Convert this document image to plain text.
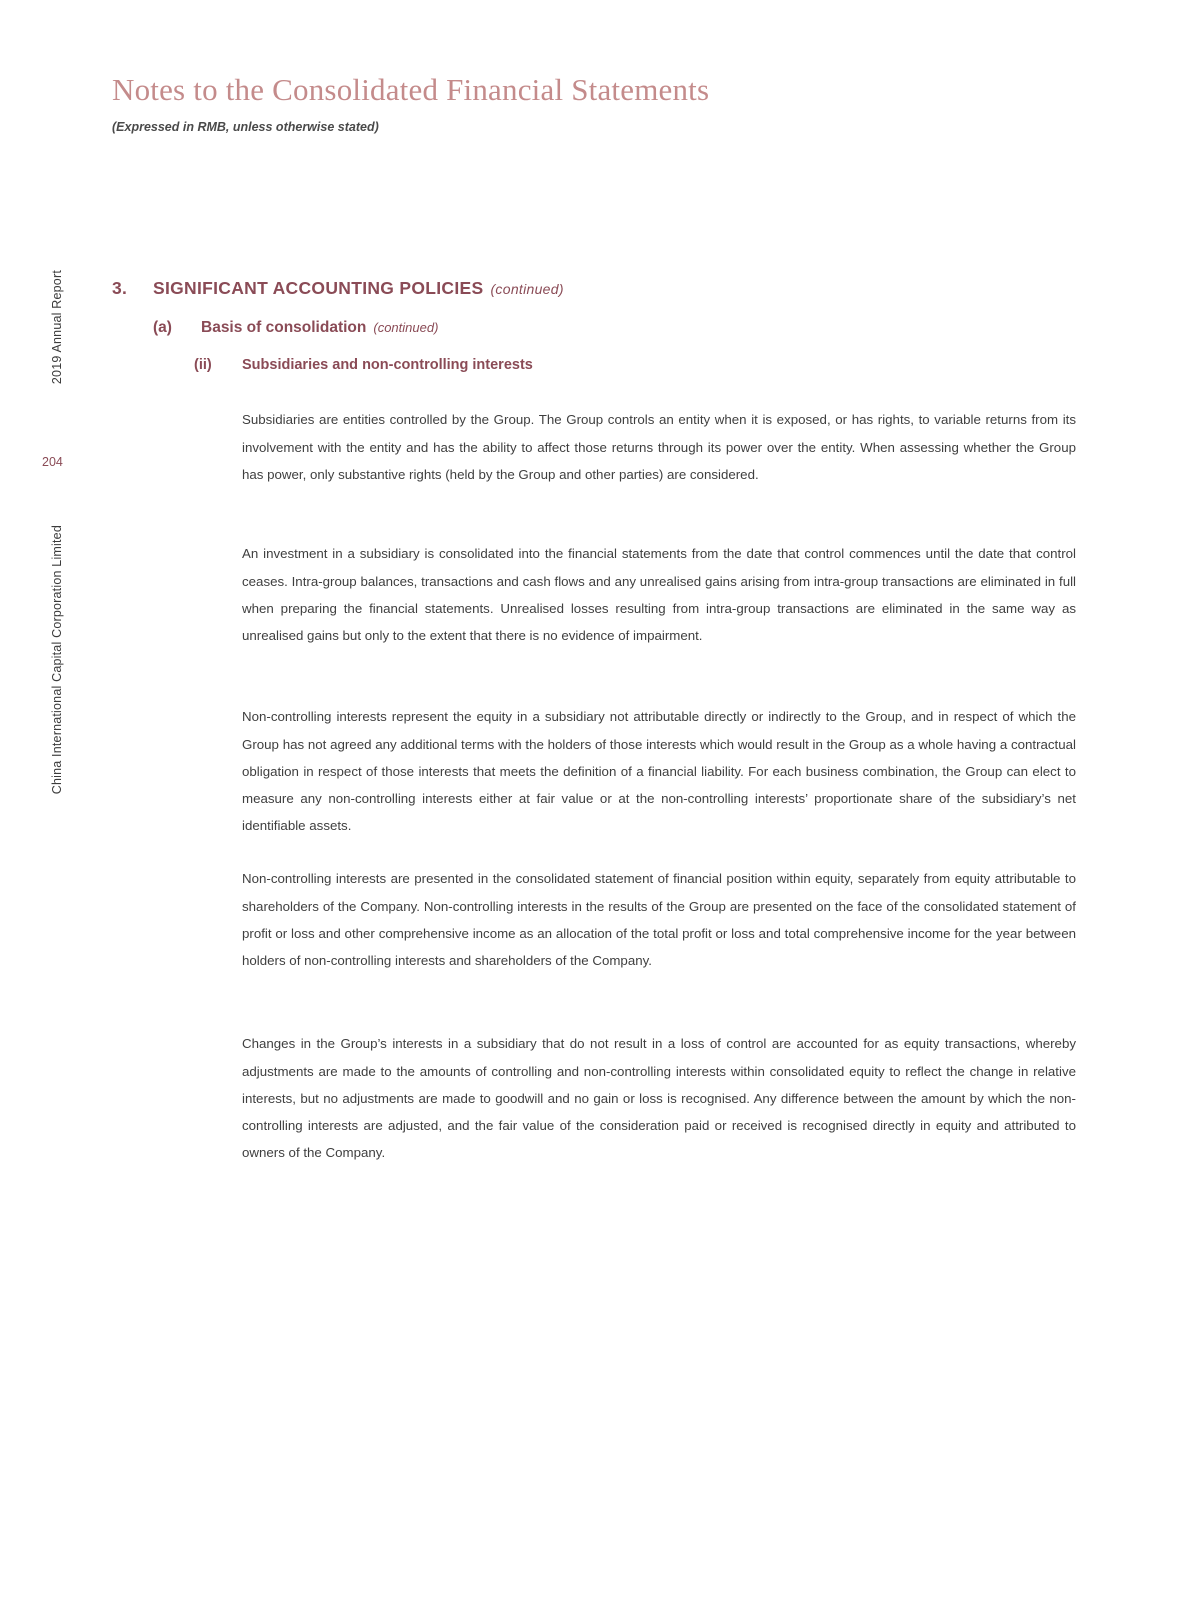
Notes to the Consolidated Financial Statements
(Expressed in RMB, unless otherwise stated)
2019 Annual Report
204
China International Capital Corporation Limited
3.	SIGNIFICANT ACCOUNTING POLICIES (continued)
(a)	Basis of consolidation (continued)
(ii)	Subsidiaries and non-controlling interests

Subsidiaries are entities controlled by the Group. The Group controls an entity when it is exposed, or has rights, to variable returns from its involvement with the entity and has the ability to affect those returns through its power over the entity. When assessing whether the Group has power, only substantive rights (held by the Group and other parties) are considered.

An investment in a subsidiary is consolidated into the financial statements from the date that control commences until the date that control ceases. Intra-group balances, transactions and cash flows and any unrealised gains arising from intra-group transactions are eliminated in full when preparing the financial statements. Unrealised losses resulting from intra-group transactions are eliminated in the same way as unrealised gains but only to the extent that there is no evidence of impairment.

Non-controlling interests represent the equity in a subsidiary not attributable directly or indirectly to the Group, and in respect of which the Group has not agreed any additional terms with the holders of those interests which would result in the Group as a whole having a contractual obligation in respect of those interests that meets the definition of a financial liability. For each business combination, the Group can elect to measure any non-controlling interests either at fair value or at the non-controlling interests’ proportionate share of the subsidiary’s net identifiable assets.

Non-controlling interests are presented in the consolidated statement of financial position within equity, separately from equity attributable to shareholders of the Company. Non-controlling interests in the results of the Group are presented on the face of the consolidated statement of profit or loss and other comprehensive income as an allocation of the total profit or loss and total comprehensive income for the year between holders of non-controlling interests and shareholders of the Company.

Changes in the Group’s interests in a subsidiary that do not result in a loss of control are accounted for as equity transactions, whereby adjustments are made to the amounts of controlling and non-controlling interests within consolidated equity to reflect the change in relative interests, but no adjustments are made to goodwill and no gain or loss is recognised. Any difference between the amount by which the non-controlling interests are adjusted, and the fair value of the consideration paid or received is recognised directly in equity and attributed to owners of the Company.
